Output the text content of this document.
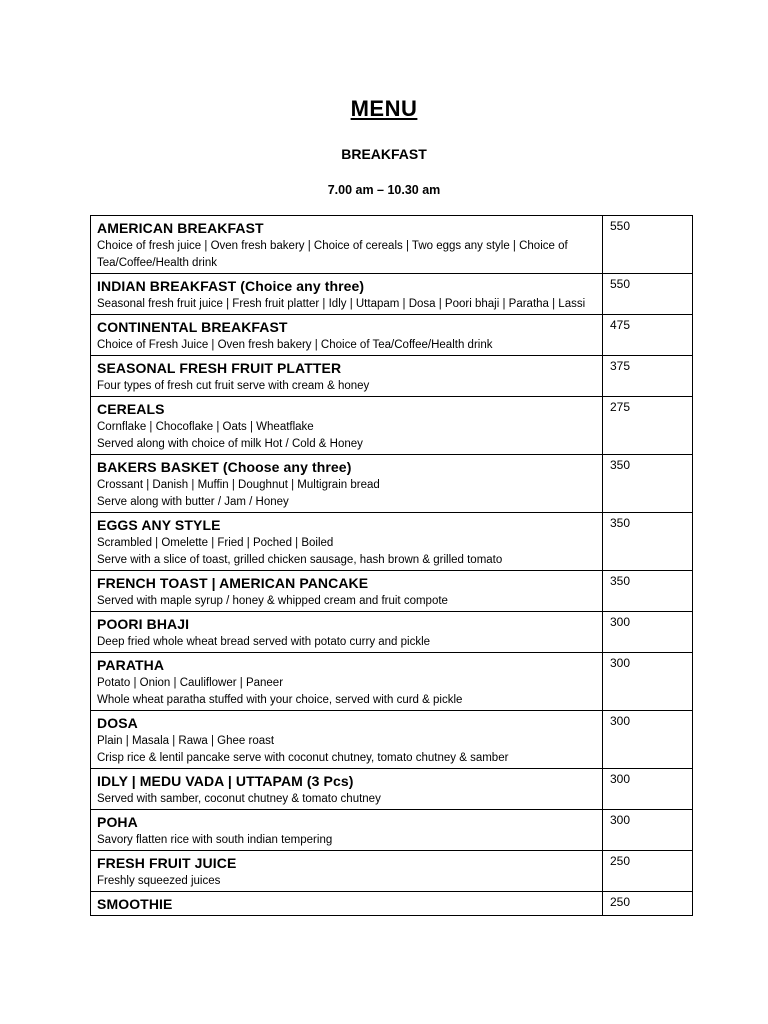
MENU
BREAKFAST
7.00 am – 10.30 am
AMERICAN BREAKFAST
Choice of fresh juice | Oven fresh bakery | Choice of cereals | Two eggs any style | Choice of Tea/Coffee/Health drink	550

INDIAN BREAKFAST (Choice any three)
Seasonal fresh fruit juice | Fresh fruit platter | Idly | Uttapam | Dosa | Poori bhaji | Paratha | Lassi	550

CONTINENTAL BREAKFAST
Choice of Fresh Juice | Oven fresh bakery | Choice of Tea/Coffee/Health drink	475

SEASONAL FRESH FRUIT PLATTER
Four types of fresh cut fruit serve with cream & honey	375

CEREALS
Cornflake | Chocoflake | Oats | Wheatflake
Served along with choice of milk Hot / Cold & Honey	275

BAKERS BASKET (Choose any three)
Crossant | Danish | Muffin | Doughnut | Multigrain bread
Serve along with butter / Jam / Honey	350

EGGS ANY STYLE
Scrambled | Omelette | Fried | Poched | Boiled
Serve with a slice of toast, grilled chicken sausage, hash brown & grilled tomato	350

FRENCH TOAST | AMERICAN PANCAKE
Served with maple syrup / honey & whipped cream and fruit compote	350

POORI BHAJI
Deep fried whole wheat bread served with potato curry and pickle	300

PARATHA
Potato | Onion | Cauliflower | Paneer
Whole wheat paratha stuffed with your choice, served with curd & pickle	300

DOSA
Plain | Masala | Rawa | Ghee roast
Crisp rice & lentil pancake serve with coconut chutney, tomato chutney & samber	300

IDLY | MEDU VADA | UTTAPAM (3 Pcs)
Served with samber, coconut chutney & tomato chutney	300

POHA
Savory flatten rice with south indian tempering	300

FRESH FRUIT JUICE
Freshly squeezed juices	250

SMOOTHIE	250
